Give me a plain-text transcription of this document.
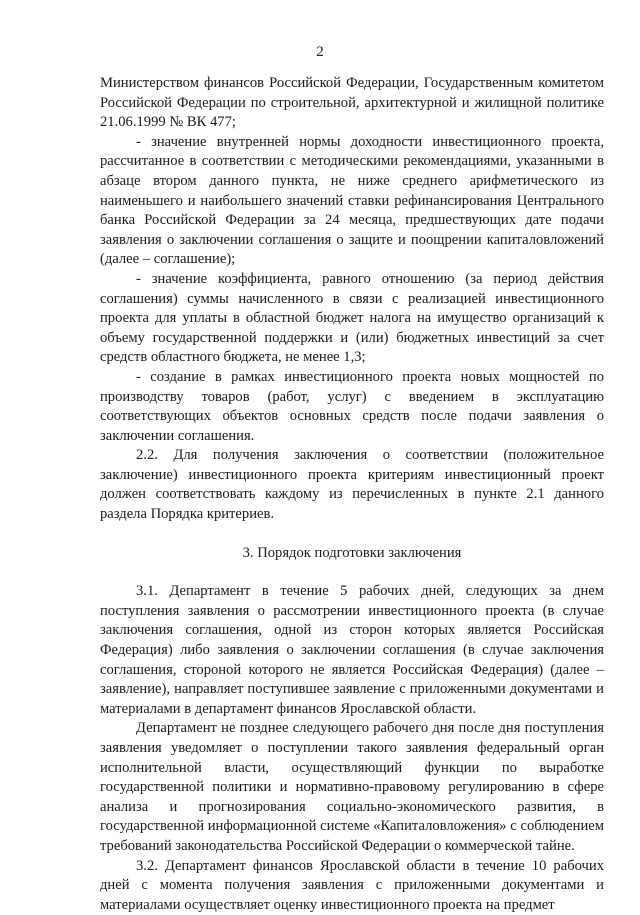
2

Министерством финансов Российской Федерации, Государственным комитетом Российской Федерации по строительной, архитектурной и жилищной политике 21.06.1999 № ВК 477;

- значение внутренней нормы доходности инвестиционного проекта, рассчитанное в соответствии с методическими рекомендациями, указанными в абзаце втором данного пункта, не ниже среднего арифметического из наименьшего и наибольшего значений ставки рефинансирования Центрального банка Российской Федерации за 24 месяца, предшествующих дате подачи заявления о заключении соглашения о защите и поощрении капиталовложений (далее – соглашение);

- значение коэффициента, равного отношению (за период действия соглашения) суммы начисленного в связи с реализацией инвестиционного проекта для уплаты в областной бюджет налога на имущество организаций к объему государственной поддержки и (или) бюджетных инвестиций за счет средств областного бюджета, не менее 1,3;

- создание в рамках инвестиционного проекта новых мощностей по производству товаров (работ, услуг) с введением в эксплуатацию соответствующих объектов основных средств после подачи заявления о заключении соглашения.

2.2. Для получения заключения о соответствии (положительное заключение) инвестиционного проекта критериям инвестиционный проект должен соответствовать каждому из перечисленных в пункте 2.1 данного раздела Порядка критериев.

3. Порядок подготовки заключения

3.1. Департамент в течение 5 рабочих дней, следующих за днем поступления заявления о рассмотрении инвестиционного проекта (в случае заключения соглашения, одной из сторон которых является Российская Федерация) либо заявления о заключении соглашения (в случае заключения соглашения, стороной которого не является Российская Федерация) (далее – заявление), направляет поступившее заявление с приложенными документами и материалами в департамент финансов Ярославской области.

Департамент не позднее следующего рабочего дня после дня поступления заявления уведомляет о поступлении такого заявления федеральный орган исполнительной власти, осуществляющий функции по выработке государственной политики и нормативно-правовому регулированию в сфере анализа и прогнозирования социально-экономического развития, в государственной информационной системе «Капиталовложения» с соблюдением требований законодательства Российской Федерации о коммерческой тайне.

3.2. Департамент финансов Ярославской области в течение 10 рабочих дней с момента получения заявления с приложенными документами и материалами осуществляет оценку инвестиционного проекта на предмет
